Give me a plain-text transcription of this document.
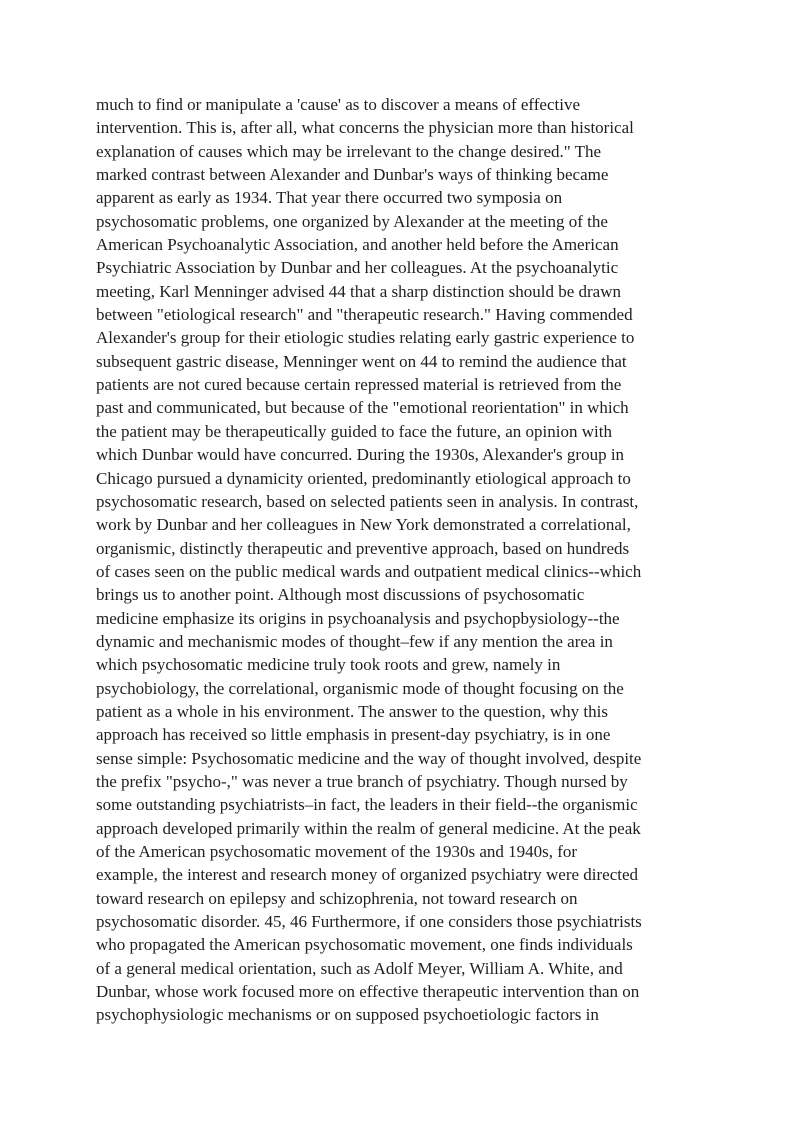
much to find or manipulate a 'cause' as to discover a means of effective
intervention. This is, after all, what concerns the physician more than historical
explanation of causes which may be irrelevant to the change desired." The
marked contrast between Alexander and Dunbar's ways of thinking became
apparent as early as 1934. That year there occurred two symposia on
psychosomatic problems, one organized by Alexander at the meeting of the
American Psychoanalytic Association, and another held before the American
Psychiatric Association by Dunbar and her colleagues. At the psychoanalytic
meeting, Karl Menninger advised 44 that a sharp distinction should be drawn
between "etiological research" and "therapeutic research." Having commended
Alexander's group for their etiologic studies relating early gastric experience to
subsequent gastric disease, Menninger went on 44 to remind the audience that
patients are not cured because certain repressed material is retrieved from the
past and communicated, but because of the "emotional reorientation" in which
the patient may be therapeutically guided to face the future, an opinion with
which Dunbar would have concurred. During the 1930s, Alexander's group in
Chicago pursued a dynamicity oriented, predominantly etiological approach to
psychosomatic research, based on selected patients seen in analysis. In contrast,
work by Dunbar and her colleagues in New York demonstrated a correlational,
organismic, distinctly therapeutic and preventive approach, based on hundreds
of cases seen on the public medical wards and outpatient medical clinics--which
brings us to another point. Although most discussions of psychosomatic
medicine emphasize its origins in psychoanalysis and psychopbysiology--the
dynamic and mechanismic modes of thought–few if any mention the area in
which psychosomatic medicine truly took roots and grew, namely in
psychobiology, the correlational, organismic mode of thought focusing on the
patient as a whole in his environment. The answer to the question, why this
approach has received so little emphasis in present-day psychiatry, is in one
sense simple: Psychosomatic medicine and the way of thought involved, despite
the prefix "psycho-," was never a true branch of psychiatry. Though nursed by
some outstanding psychiatrists–in fact, the leaders in their field--the organismic
approach developed primarily within the realm of general medicine. At the peak
of the American psychosomatic movement of the 1930s and 1940s, for
example, the interest and research money of organized psychiatry were directed
toward research on epilepsy and schizophrenia, not toward research on
psychosomatic disorder. 45, 46 Furthermore, if one considers those psychiatrists
who propagated the American psychosomatic movement, one finds individuals
of a general medical orientation, such as Adolf Meyer, William A. White, and
Dunbar, whose work focused more on effective therapeutic intervention than on
psychophysiologic mechanisms or on supposed psychoetiologic factors in
